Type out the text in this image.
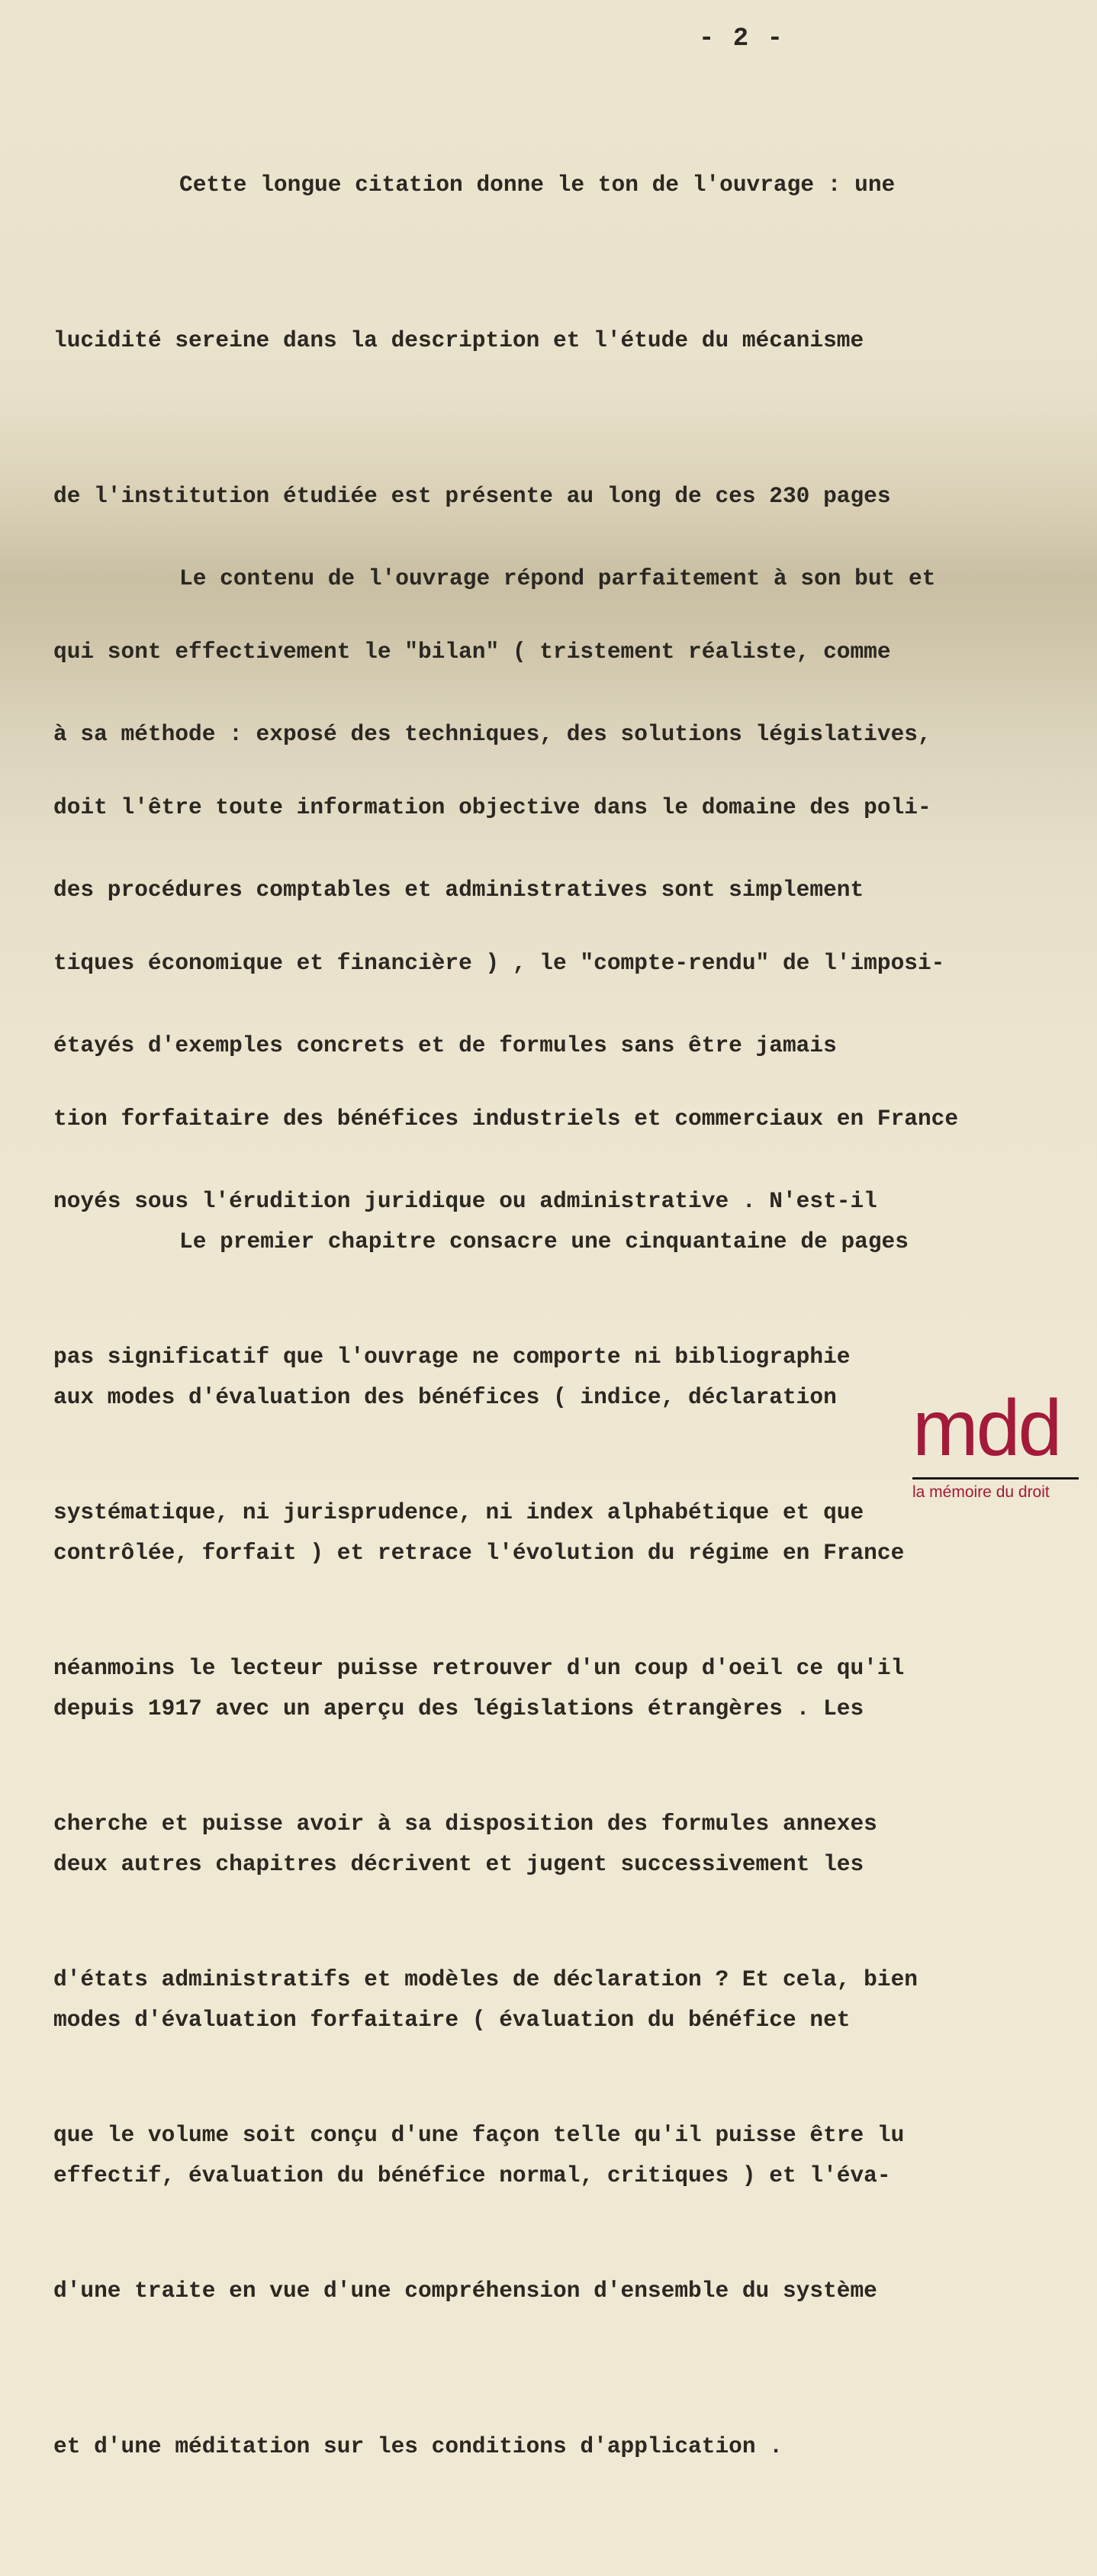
- 2 -

Cette longue citation donne le ton de l'ouvrage : une

lucidité sereine dans la description et l'étude du mécanisme

de l'institution étudiée est présente au long de ces 230 pages

qui sont effectivement le "bilan" ( tristement réaliste, comme

doit l'être toute information objective dans le domaine des poli-

tiques économique et financière ) , le "compte-rendu" de l'imposi-

tion forfaitaire des bénéfices industriels et commerciaux en France

Le contenu de l'ouvrage répond parfaitement à son but et

à sa méthode : exposé des techniques, des solutions législatives,

des procédures comptables et administratives sont simplement

étayés d'exemples concrets et de formules sans être jamais

noyés sous l'érudition juridique ou administrative . N'est-il

pas significatif que l'ouvrage ne comporte ni bibliographie

systématique, ni jurisprudence, ni index alphabétique et que

néanmoins le lecteur puisse retrouver d'un coup d'oeil ce qu'il

cherche et puisse avoir à sa disposition des formules annexes

d'états administratifs et modèles de déclaration ? Et cela, bien

que le volume soit conçu d'une façon telle qu'il puisse être lu

d'une traite en vue d'une compréhension d'ensemble du système

et d'une méditation sur les conditions d'application .

Le premier chapitre consacre une cinquantaine de pages

aux modes d'évaluation des bénéfices ( indice, déclaration

contrôlée, forfait ) et retrace l'évolution du régime en France

depuis 1917 avec un aperçu des législations étrangères . Les

deux autres chapitres décrivent et jugent successivement les

modes d'évaluation forfaitaire ( évaluation du bénéfice net

effectif, évaluation du bénéfice normal, critiques ) et l'éva-

mdd
la mémoire du droit
